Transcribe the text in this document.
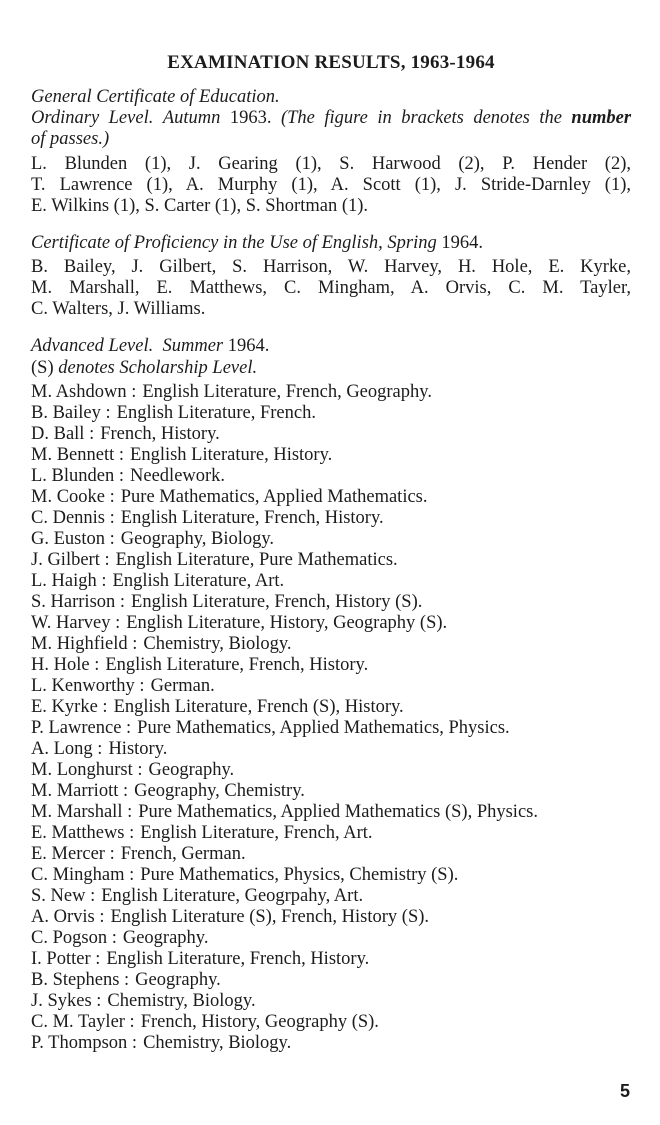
EXAMINATION RESULTS, 1963-1964
General Certificate of Education.
Ordinary Level. Autumn 1963. (The figure in brackets denotes the number
of passes.)
L. Blunden (1), J. Gearing (1), S. Harwood (2), P. Hender (2),
T. Lawrence (1), A. Murphy (1), A. Scott (1), J. Stride-Darnley (1),
E. Wilkins (1), S. Carter (1), S. Shortman (1).
Certificate of Proficiency in the Use of English, Spring 1964.
B. Bailey, J. Gilbert, S. Harrison, W. Harvey, H. Hole, E. Kyrke,
M. Marshall, E. Matthews, C. Mingham, A. Orvis, C. M. Tayler,
C. Walters, J. Williams.
Advanced Level. Summer 1964.
(S) denotes Scholarship Level.
M. Ashdown : English Literature, French, Geography.
B. Bailey : English Literature, French.
D. Ball : French, History.
M. Bennett : English Literature, History.
L. Blunden : Needlework.
M. Cooke : Pure Mathematics, Applied Mathematics.
C. Dennis : English Literature, French, History.
G. Euston : Geography, Biology.
J. Gilbert : English Literature, Pure Mathematics.
L. Haigh : English Literature, Art.
S. Harrison : English Literature, French, History (S).
W. Harvey : English Literature, History, Geography (S).
M. Highfield : Chemistry, Biology.
H. Hole : English Literature, French, History.
L. Kenworthy : German.
E. Kyrke : English Literature, French (S), History.
P. Lawrence : Pure Mathematics, Applied Mathematics, Physics.
A. Long : History.
M. Longhurst : Geography.
M. Marriott : Geography, Chemistry.
M. Marshall : Pure Mathematics, Applied Mathematics (S), Physics.
E. Matthews : English Literature, French, Art.
E. Mercer : French, German.
C. Mingham : Pure Mathematics, Physics, Chemistry (S).
S. New : English Literature, Geogrpahy, Art.
A. Orvis : English Literature (S), French, History (S).
C. Pogson : Geography.
I. Potter : English Literature, French, History.
B. Stephens : Geography.
J. Sykes : Chemistry, Biology.
C. M. Tayler : French, History, Geography (S).
P. Thompson : Chemistry, Biology.
5
